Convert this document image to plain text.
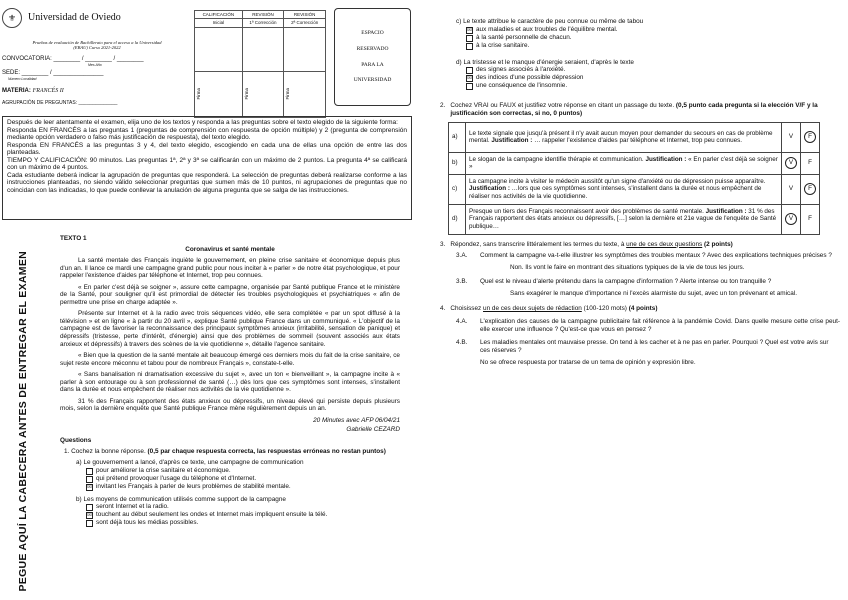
⚜	Universidad de Oviedo
Pruebas de evaluación de Bachillerato para el acceso a la Universidad
(EBAU) Curso 2021-2022
CONVOCATORIA: ________ / ________ / ________
Mes Año
SEDE: ________ / _______________
Número Localidad
MATERIA: FRANCÉS II
AGRUPACIÓN DE PREGUNTAS: ______________
CALIFICACIÓN	REVISIÓN	REVISIÓN
Inicial	1ª Corrección	2ª Corrección

Firma	Firma	Firma
ESPACIO
RESERVADO
PARA LA
UNIVERSIDAD
Después de leer atentamente el examen, elija uno de los textos y responda a las preguntas sobre el texto elegido de la siguiente forma:
Responda EN FRANCÉS a las preguntas 1 (preguntas de comprensión con respuesta de opción múltiple) y 2 (pregunta de comprensión mediante opción verdadero o falso más justificación de respuesta), del texto elegido.
Responda EN FRANCÉS a las preguntas 3 y 4, del texto elegido, escogiendo en cada una de ellas una opción de entre las dos planteadas.
TIEMPO Y CALIFICACIÓN: 90 minutos. Las preguntas 1ª, 2ª y 3ª se calificarán con un máximo de 2 puntos. La pregunta 4ª se calificará con un máximo de 4 puntos.
Cada estudiante deberá indicar la agrupación de preguntas que responderá. La selección de preguntas deberá realizarse conforme a las instrucciones planteadas, no siendo válido seleccionar preguntas que sumen más de 10 puntos, ni agrupaciones de preguntas que no coincidan con las indicadas, lo que puede conllevar la anulación de alguna pregunta que se salga de las instrucciones.
PEGUE AQUÍ LA CABECERA ANTES DE ENTREGAR EL EXAMEN
TEXTO 1
Coronavirus et santé mentale

La santé mentale des Français inquiète le gouvernement, en pleine crise sanitaire et économique depuis plus d'un an. Il lance ce mardi une campagne grand public pour nous inciter à « parler » de notre état psychologique, et pour rappeler l'existence d'aides par téléphone et Internet, trop peu connues.

« En parler c'est déjà se soigner », assure cette campagne, organisée par Santé publique France et le ministère de la Santé, pour souligner qu'il est primordial de détecter les troubles psychologiques et psychiatriques « afin de permettre une prise en charge adaptée ».

Présente sur Internet et à la radio avec trois séquences vidéo, elle sera complétée « par un spot diffusé à la télévision » et en ligne « à partir du 20 avril », explique Santé publique France dans un communiqué. « L'objectif de la campagne est de favoriser la reconnaissance des principaux symptômes anxieux (irritabilité, sensation de panique) et dépressifs (tristesse, perte d'intérêt, d'énergie) ainsi que des problèmes de sommeil (souvent associés aux états anxieux et dépressifs) à travers des scènes de la vie quotidienne », détaille l'agence sanitaire.

« Bien que la question de la santé mentale ait beaucoup émergé ces derniers mois du fait de la crise sanitaire, ce sujet reste encore méconnu et tabou pour de nombreux Français », constate-t-elle.

« Sans banalisation ni dramatisation excessive du sujet », avec un ton « bienveillant », la campagne incite à « parler à son entourage ou à son professionnel de santé (…) dès lors que ces symptômes sont intenses, s'installent dans la durée et nous empêchent de réaliser nos activités de la vie quotidienne ».

31 % des Français rapportent des états anxieux ou dépressifs, un niveau élevé qui persiste depuis plusieurs mois, selon la dernière enquête que Santé publique France mène régulièrement depuis un an.

20 Minutes avec AFP 06/04/21
Gabrielle CEZARD
Questions
1. Cochez la bonne réponse. (0,5 par chaque respuesta correcta, las respuestas erróneas no restan puntos)
a) Le gouvernement a lancé, d'après ce texte, une campagne de communication
pour améliorer la crise sanitaire et économique.
qui prétend provoquer l'usage du téléphone et d'Internet.
☒ invitant les Français à parler de leurs problèmes de stabilité mentale.
b) Les moyens de communication utilisés comme support de la campagne
seront Internet et la radio.
☒ touchent au début seulement les ondes et Internet mais impliquent ensuite la télé.
sont déjà tous les médias possibles.
c) Le texte attribue le caractère de peu connue ou même de tabou
☒ aux maladies et aux troubles de l'équilibre mental.
à la santé personnelle de chacun.
à la crise sanitaire.
d) La tristesse et le manque d'énergie seraient, d'après le texte
des signes associés à l'anxiété.
☒ des indices d'une possible dépression
une conséquence de l'insomnie.
2. Cochez VRAI ou FAUX et justifiez votre réponse en citant un passage du texte. (0,5 punto cada pregunta si la elección V/F y la justificación son correctas, si no, 0 puntos)
a)	Le texte signale que jusqu'à présent il n'y avait aucun moyen pour demander du secours en cas de problème mental. Justification : … rappeler l'existence d'aides par téléphone et Internet, trop peu connues.	V	F
b)	Le slogan de la campagne identifie thérapie et communication. Justification : « En parler c'est déjà se soigner »	V	F
c)	La campagne incite à visiter le médecin aussitôt qu'un signe d'anxiété ou de dépression puisse apparaître. Justification : …lors que ces symptômes sont intenses, s'installent dans la durée et nous empêchent de réaliser nos activités de la vie quotidienne.	V	F
d)	Presque un tiers des Français reconnaissent avoir des problèmes de santé mentale. Justification : 31 % des Français rapportent des états anxieux ou dépressifs, […] selon la dernière et 21e vague de l'enquête de Santé publique…	V	F
3. Répondez, sans transcrire littéralement les termes du texte, à une de ces deux questions (2 points)
3.A.	Comment la campagne va-t-elle illustrer les symptômes des troubles mentaux ? Avec des explications techniques précises ?
Non. Ils vont le faire en montrant des situations typiques de la vie de tous les jours.
3.B.	Quel est le niveau d'alerte prétendu dans la campagne d'information ? Alerte intense ou ton tranquille ?
Sans exagérer le manque d'importance ni l'excès alarmiste du sujet, avec un ton prévenant et amical.
4. Choisissez un de ces deux sujets de rédaction (100-120 mots) (4 points)
4.A.	L'explication des causes de la campagne publicitaire fait référence à la pandémie Covid. Dans quelle mesure cette crise peut-elle exercer une influence ? Qu'est-ce que vous en pensez ?
4.B.	Les maladies mentales ont mauvaise presse. On tend à les cacher et à ne pas en parler. Pourquoi ? Quel est votre avis sur ces réserves ?
No se ofrece respuesta por tratarse de un tema de opinión y expresión libre.
